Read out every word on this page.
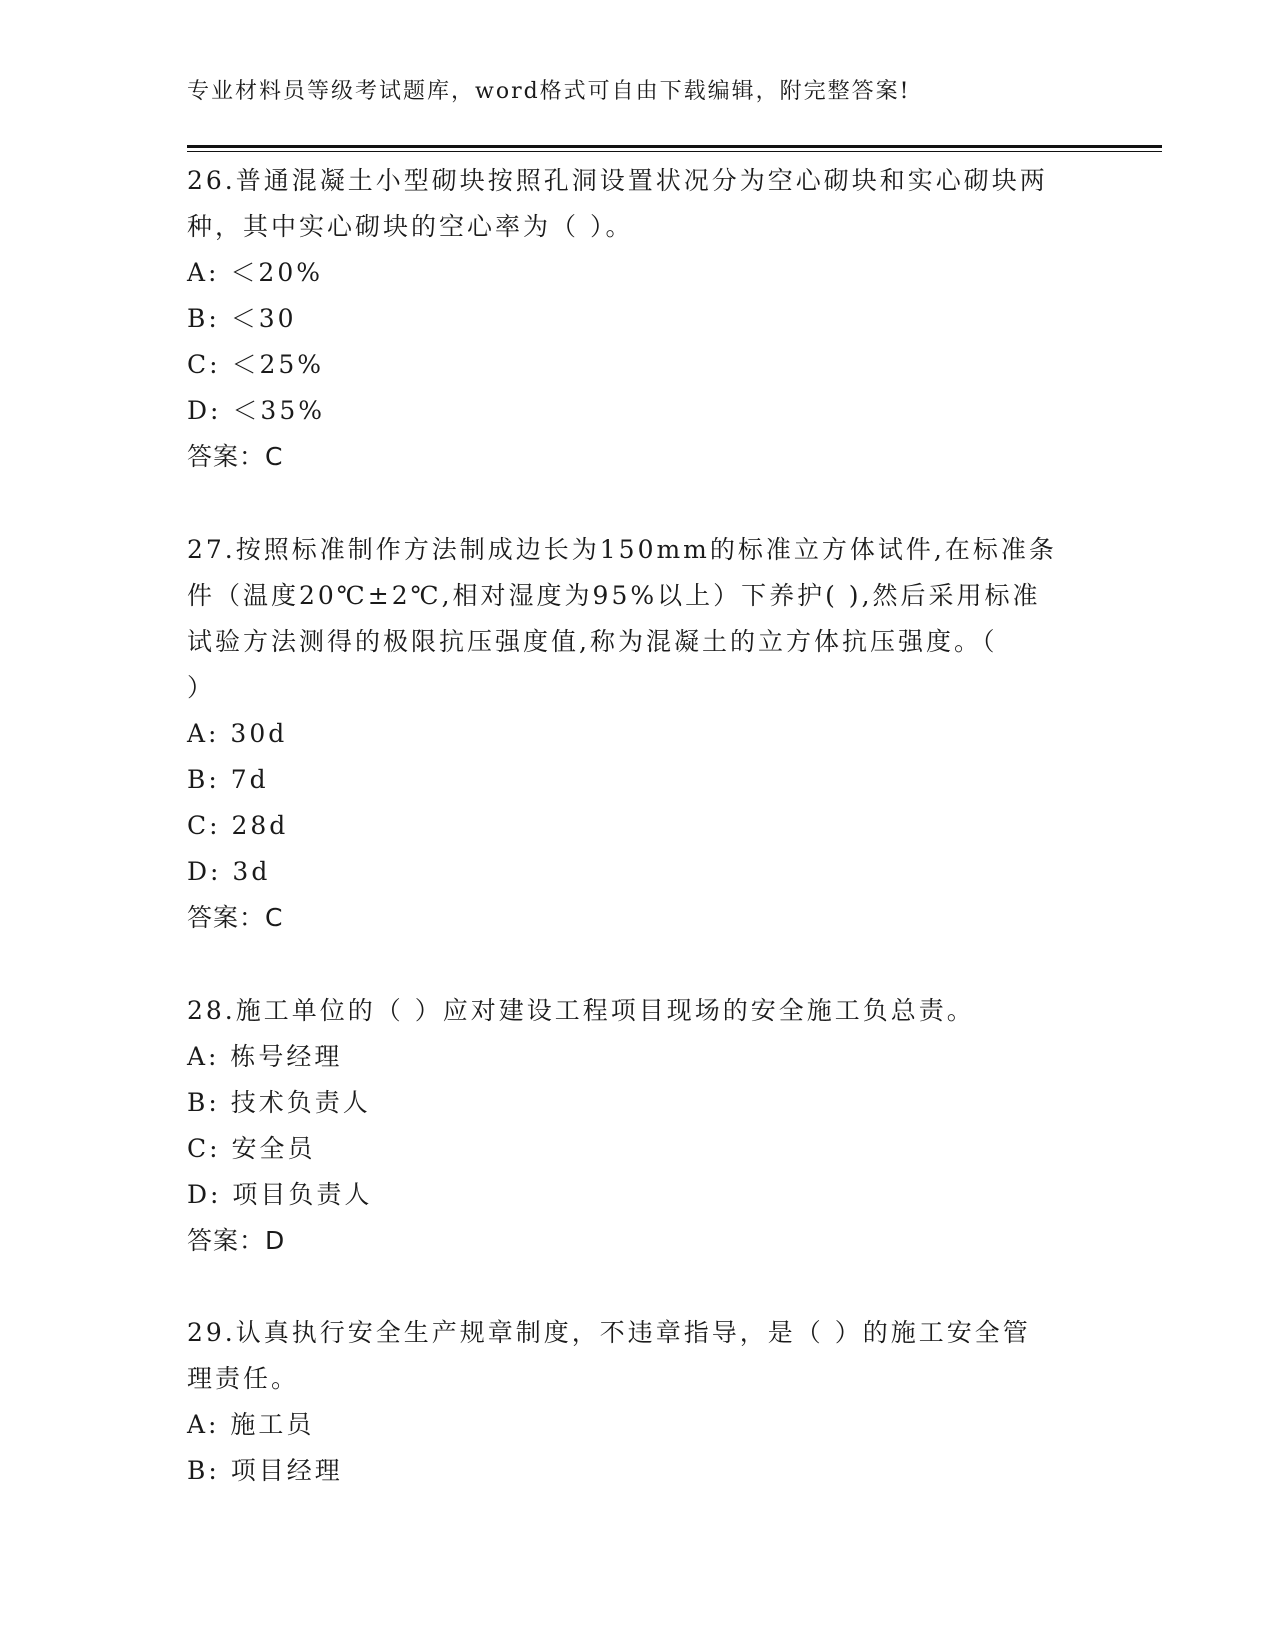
专业材料员等级考试题库，word格式可自由下载编辑，附完整答案!
26.普通混凝土小型砌块按照孔洞设置状况分为空心砌块和实心砌块两
种，其中实心砌块的空心率为（ ）。
A: ＜20%
B: ＜30
C: ＜25%
D: ＜35%
答案：C
27.按照标准制作方法制成边长为150mm的标准立方体试件,在标准条
件（温度20℃±2℃,相对湿度为95%以上）下养护( ),然后采用标准
试验方法测得的极限抗压强度值,称为混凝土的立方体抗压强度。（
）
A: 30d
B: 7d
C: 28d
D: 3d
答案：C
28.施工单位的（ ）应对建设工程项目现场的安全施工负总责。
A: 栋号经理
B: 技术负责人
C: 安全员
D: 项目负责人
答案：D
29.认真执行安全生产规章制度，不违章指导，是（ ）的施工安全管
理责任。
A: 施工员
B: 项目经理
